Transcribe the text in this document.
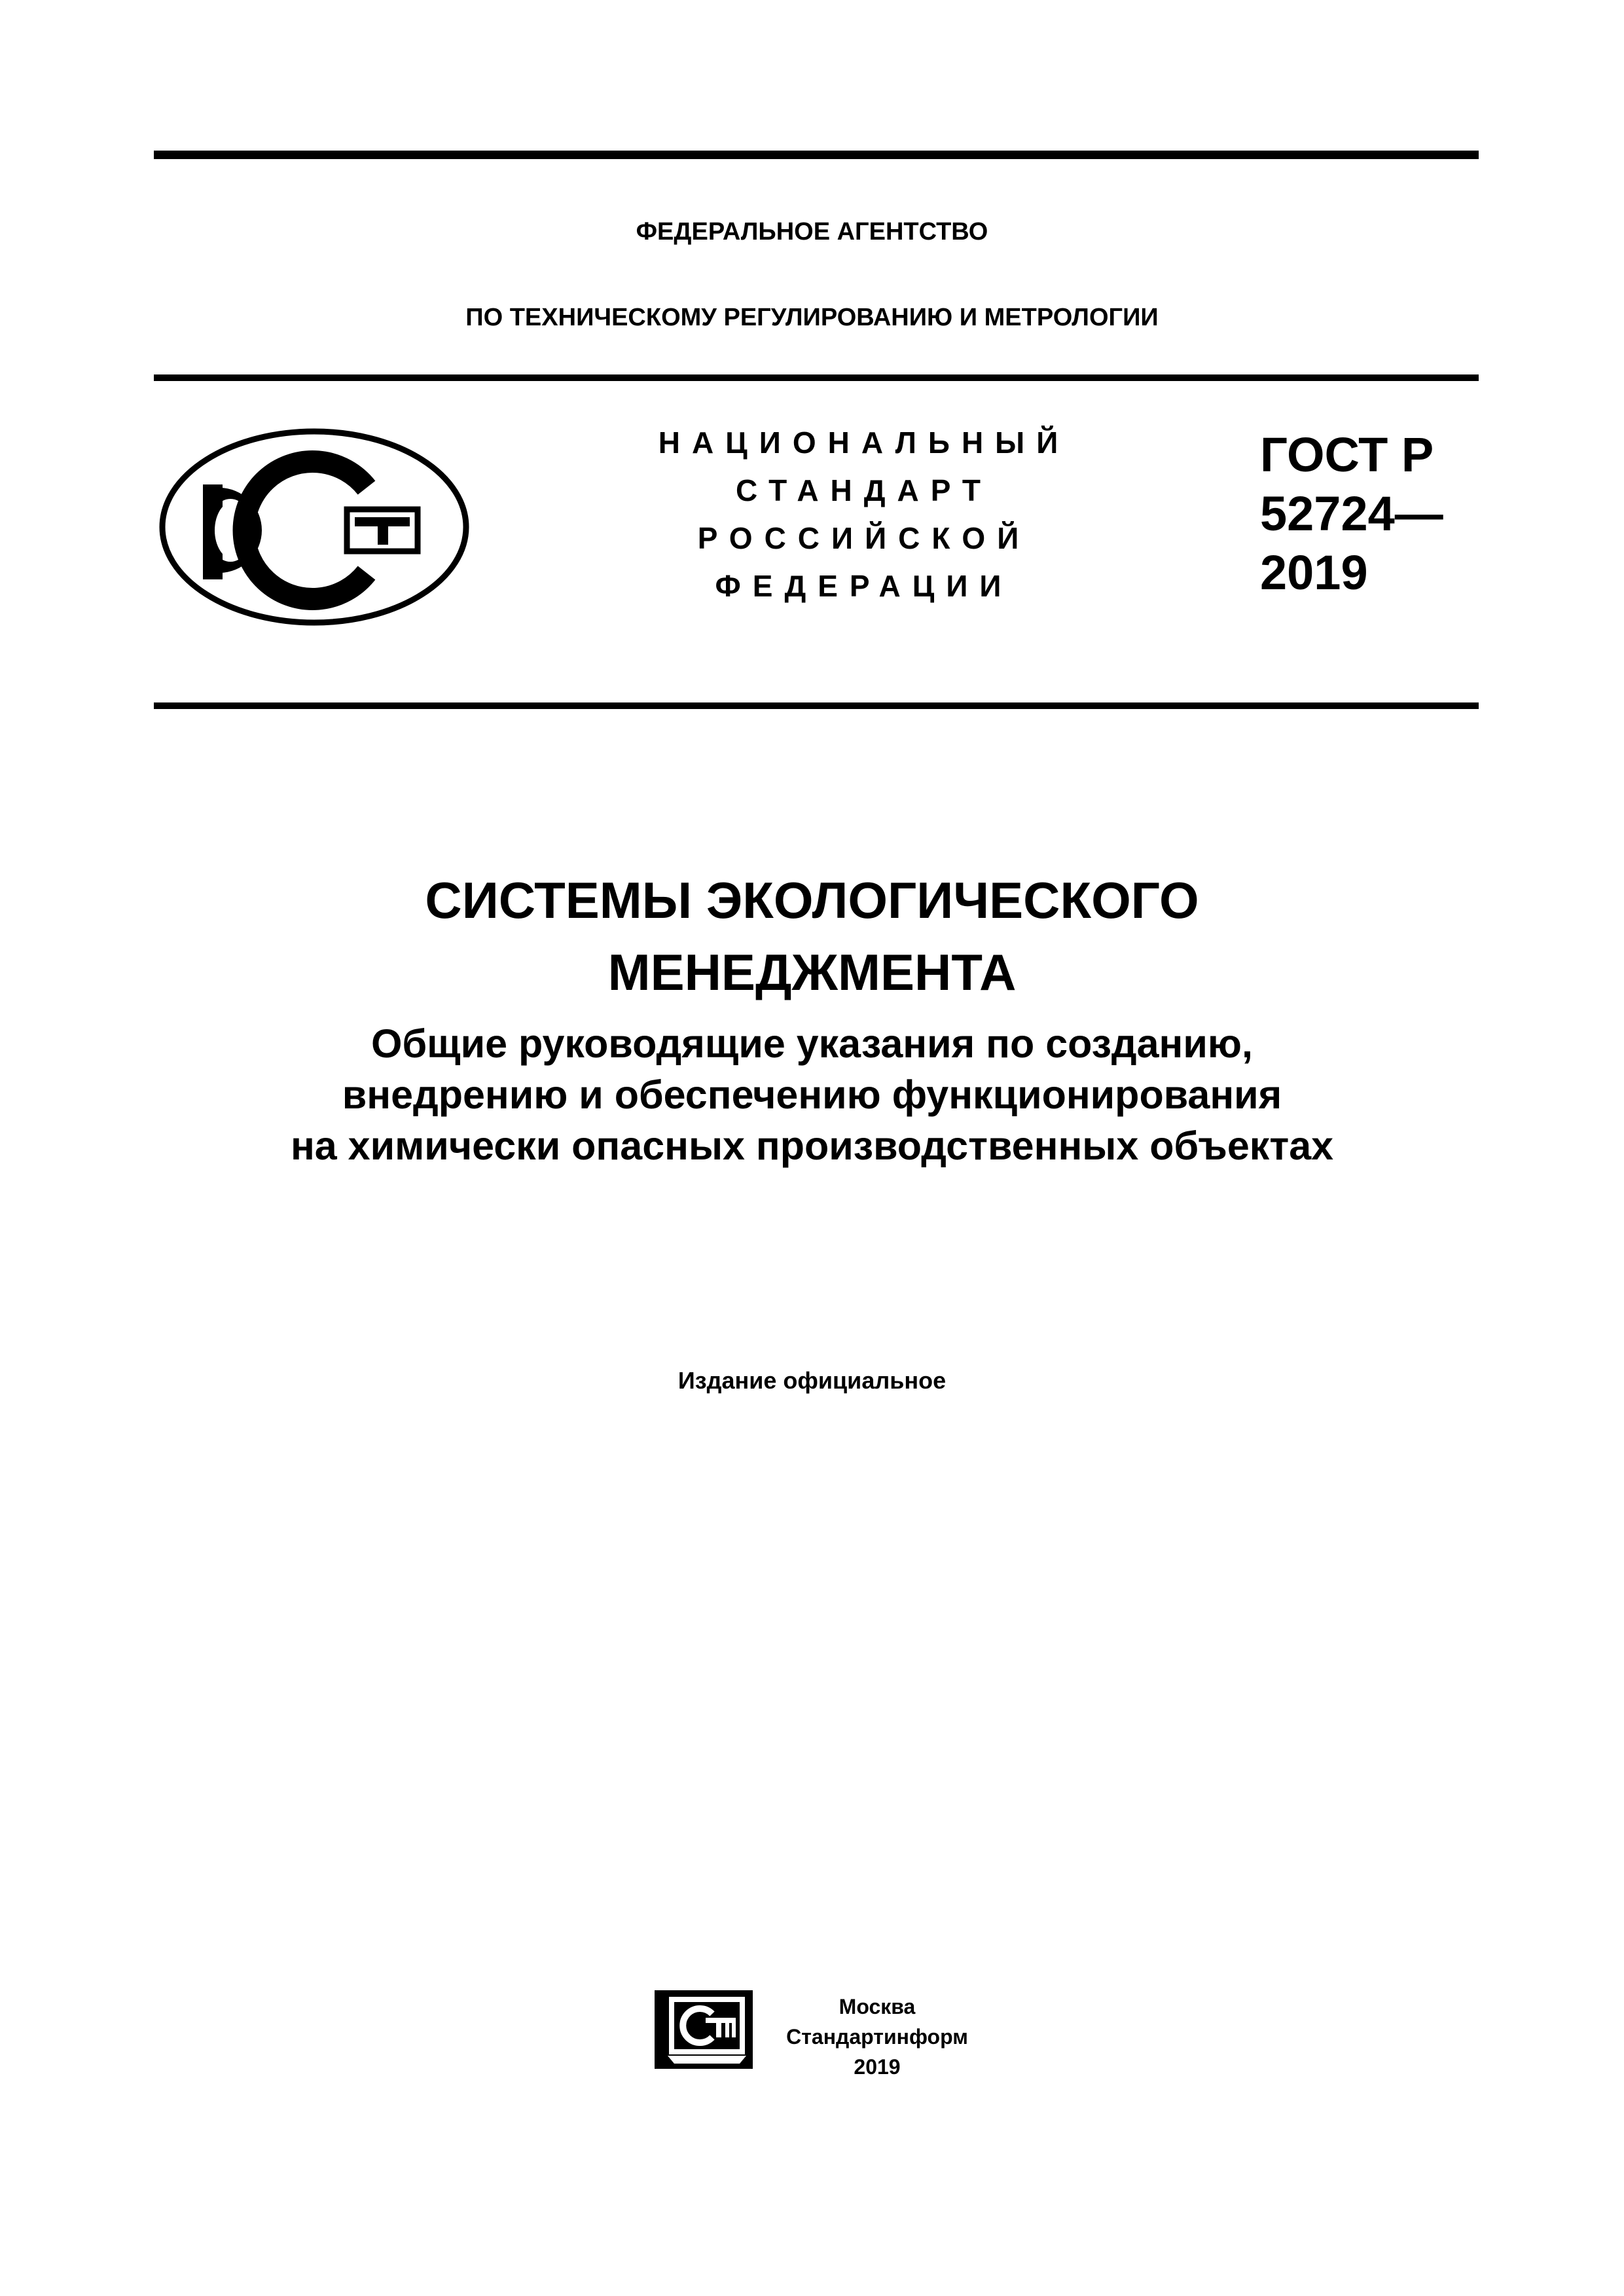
ФЕДЕРАЛЬНОЕ АГЕНТСТВО
ПО ТЕХНИЧЕСКОМУ РЕГУЛИРОВАНИЮ И МЕТРОЛОГИИ
НАЦИОНАЛЬНЫЙ
СТАНДАРТ
РОССИЙСКОЙ
ФЕДЕРАЦИИ
ГОСТ Р
52724—
2019
СИСТЕМЫ ЭКОЛОГИЧЕСКОГО
МЕНЕДЖМЕНТА
Общие руководящие указания по созданию,
внедрению и обеспечению функционирования
на химически опасных производственных объектах
Издание официальное
Москва
Стандартинформ
2019
